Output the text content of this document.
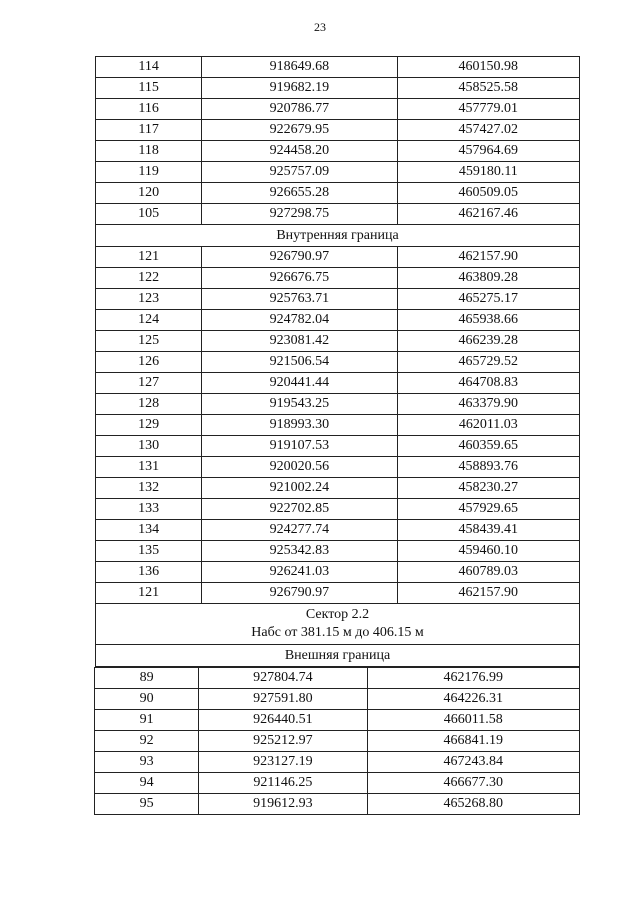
23
114	918649.68	460150.98
115	919682.19	458525.58
116	920786.77	457779.01
117	922679.95	457427.02
118	924458.20	457964.69
119	925757.09	459180.11
120	926655.28	460509.05
105	927298.75	462167.46

Внутренняя граница		

121	926790.97	462157.90
122	926676.75	463809.28
123	925763.71	465275.17
124	924782.04	465938.66
125	923081.42	466239.28
126	921506.54	465729.52
127	920441.44	464708.83
128	919543.25	463379.90
129	918993.30	462011.03
130	919107.53	460359.65
131	920020.56	458893.76
132	921002.24	458230.27
133	922702.85	457929.65
134	924277.74	458439.41
135	925342.83	459460.10
136	926241.03	460789.03
121	926790.97	462157.90

Сектор 2.2
Набс от 381.15 м до 406.15 м		

Внешняя граница		
89	927804.74	462176.99
90	927591.80	464226.31
91	926440.51	466011.58
92	925212.97	466841.19
93	923127.19	467243.84
94	921146.25	466677.30
95	919612.93	465268.80
